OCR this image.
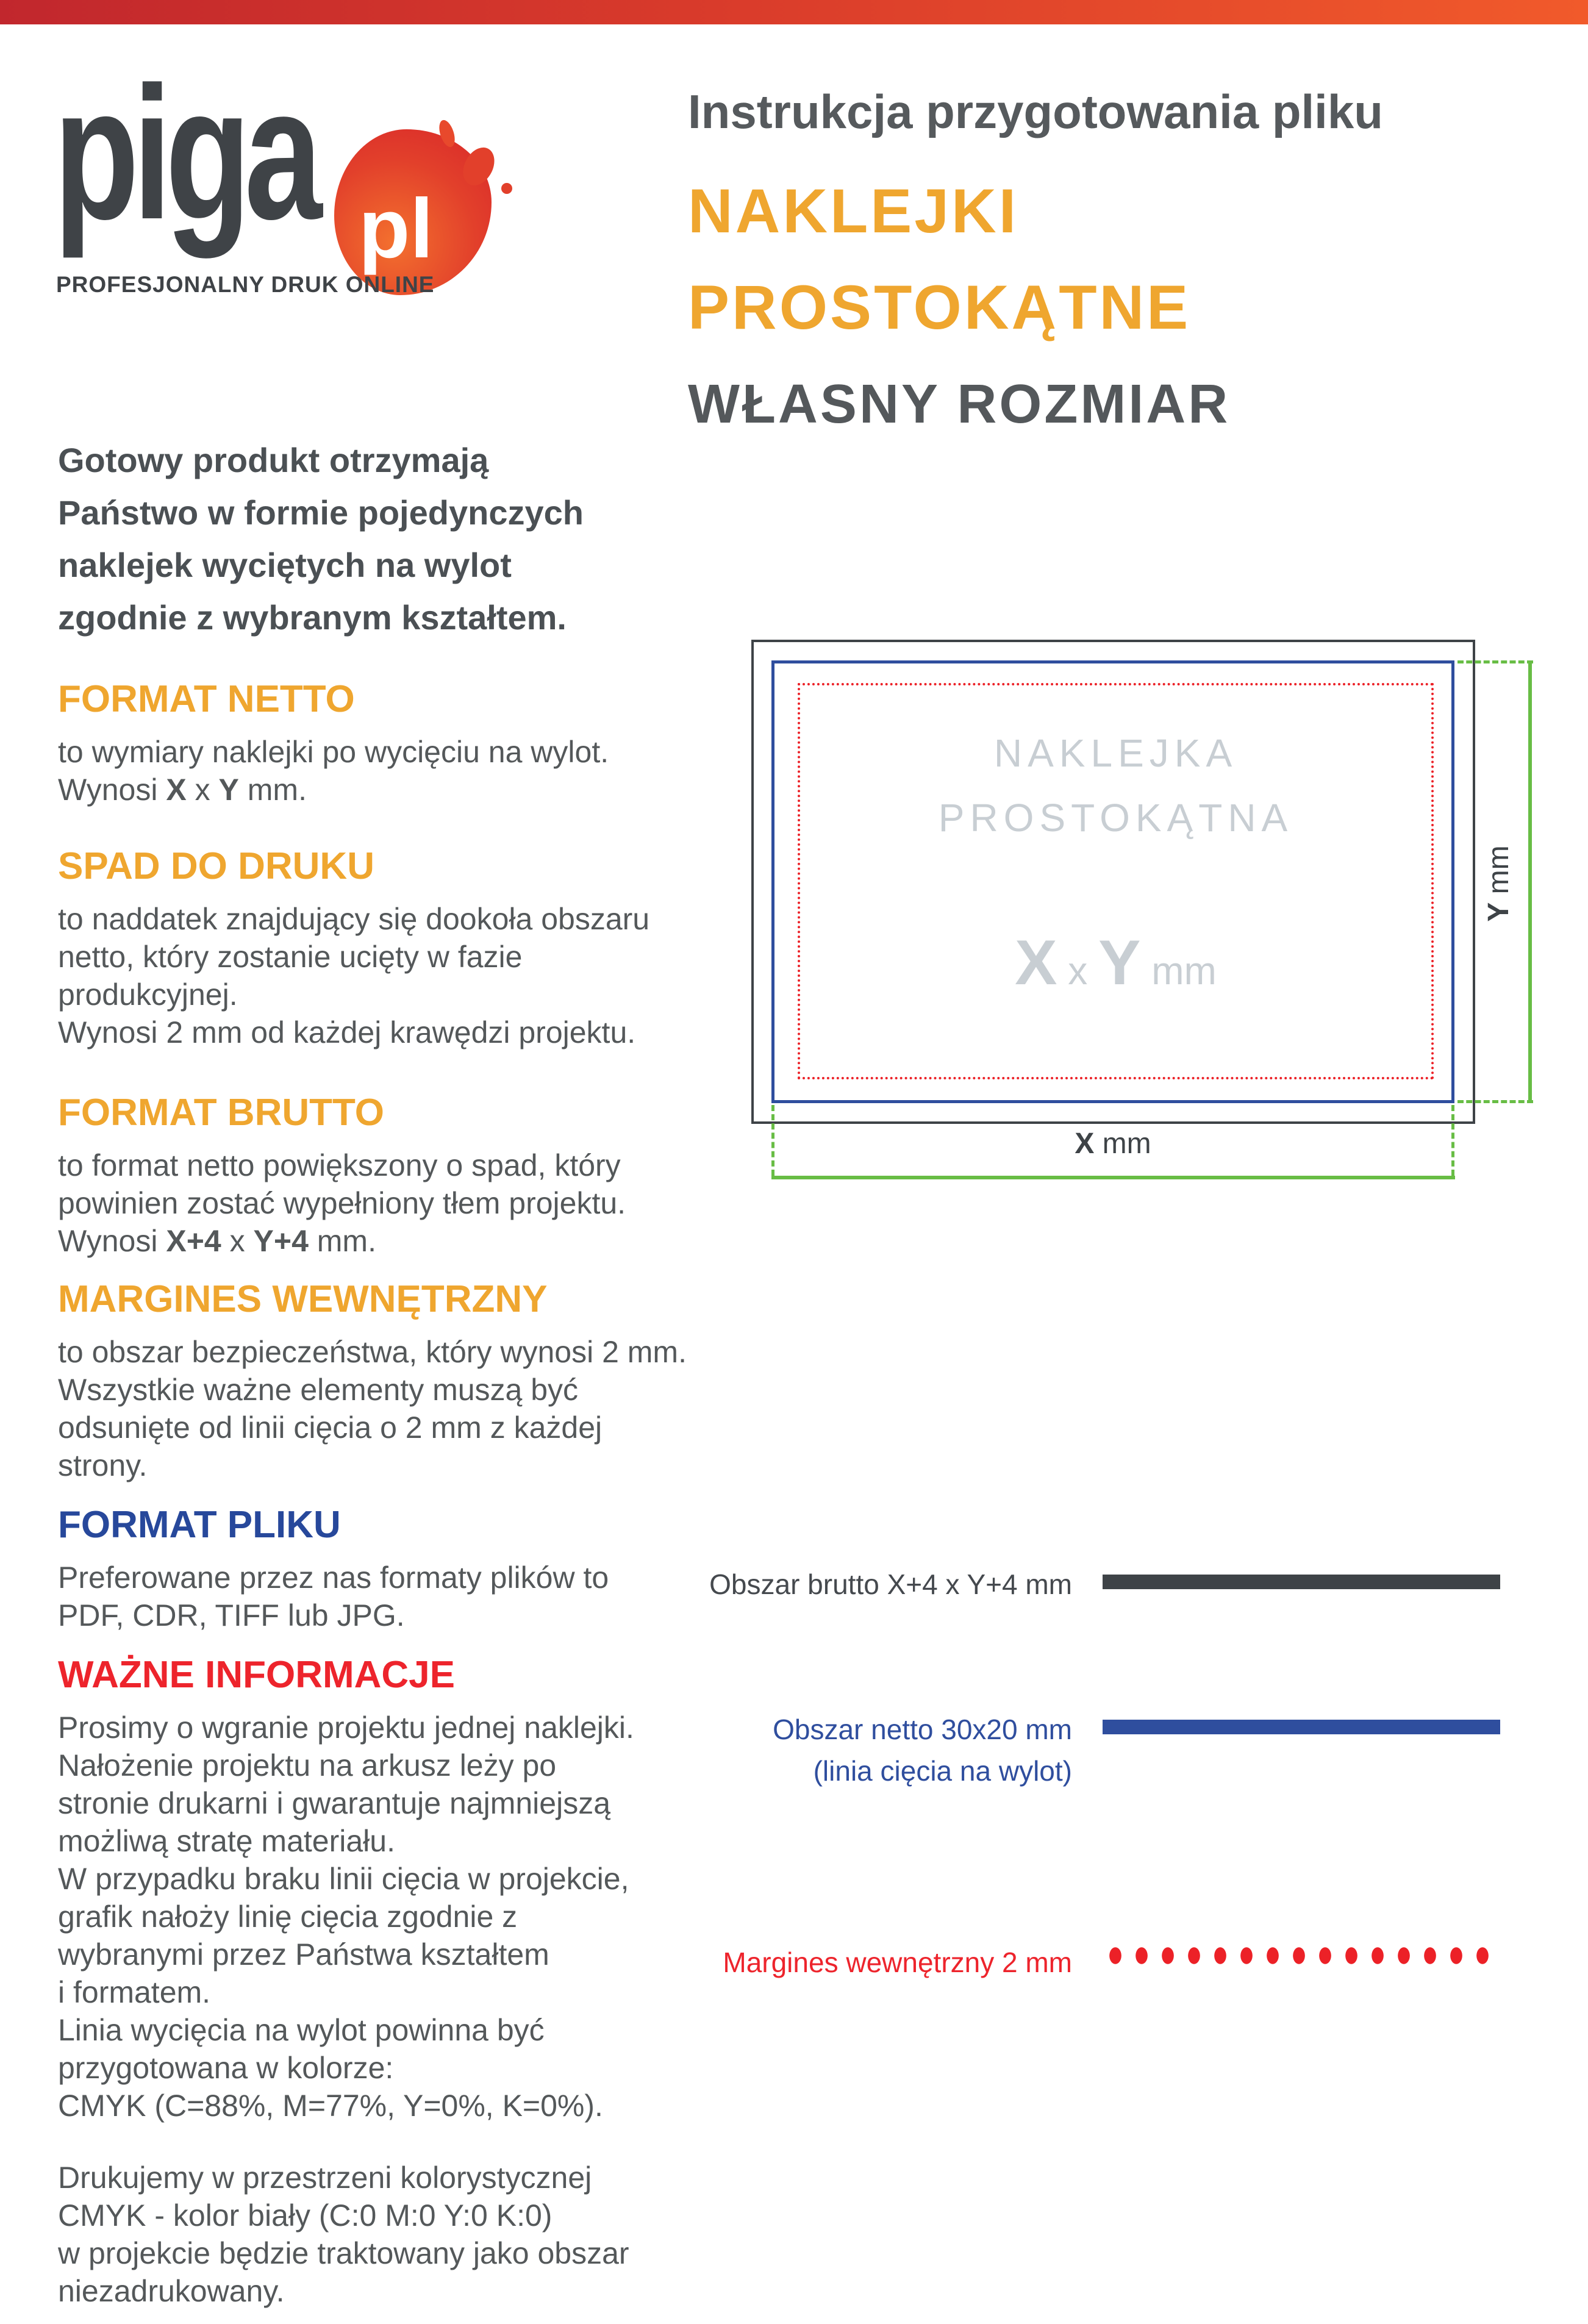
piga pl
PROFESJONALNY DRUK ONLINE
Instrukcja przygotowania pliku
NAKLEJKI
PROSTOKĄTNE
WŁASNY ROZMIAR
Gotowy produkt otrzymają
Państwo w formie pojedynczych
naklejek wyciętych na wylot
zgodnie z wybranym kształtem.
FORMAT NETTO
to wymiary naklejki po wycięciu na wylot.
Wynosi X x Y mm.
SPAD DO DRUKU
to naddatek znajdujący się dookoła obszaru
netto, który zostanie ucięty w fazie
produkcyjnej.
Wynosi 2 mm od każdej krawędzi projektu.
FORMAT BRUTTO
to format netto powiększony o spad, który
powinien zostać wypełniony tłem projektu.
Wynosi X+4 x Y+4 mm.
MARGINES WEWNĘTRZNY
to obszar bezpieczeństwa, który wynosi 2 mm.
Wszystkie ważne elementy muszą być
odsunięte od linii cięcia o 2 mm z każdej
strony.
FORMAT PLIKU
Preferowane przez nas formaty plików to
PDF, CDR, TIFF lub JPG.
WAŻNE INFORMACJE
Prosimy o wgranie projektu jednej naklejki.
Nałożenie projektu na arkusz leży po
stronie drukarni i gwarantuje najmniejszą
możliwą stratę materiału.
W przypadku braku linii cięcia w projekcie,
grafik nałoży linię cięcia zgodnie z
wybranymi przez Państwa kształtem
i formatem.
Linia wycięcia na wylot powinna być
przygotowana w kolorze:
CMYK (C=88%, M=77%, Y=0%, K=0%).
Drukujemy w przestrzeni kolorystycznej
CMYK - kolor biały (C:0 M:0 Y:0 K:0)
w projekcie będzie traktowany jako obszar
niezadrukowany.
NAKLEJKA
PROSTOKĄTNA
X x Y mm
Y mm
X mm
Obszar brutto X+4 x Y+4 mm
Obszar netto 30x20 mm
(linia cięcia na wylot)
Margines wewnętrzny 2 mm
